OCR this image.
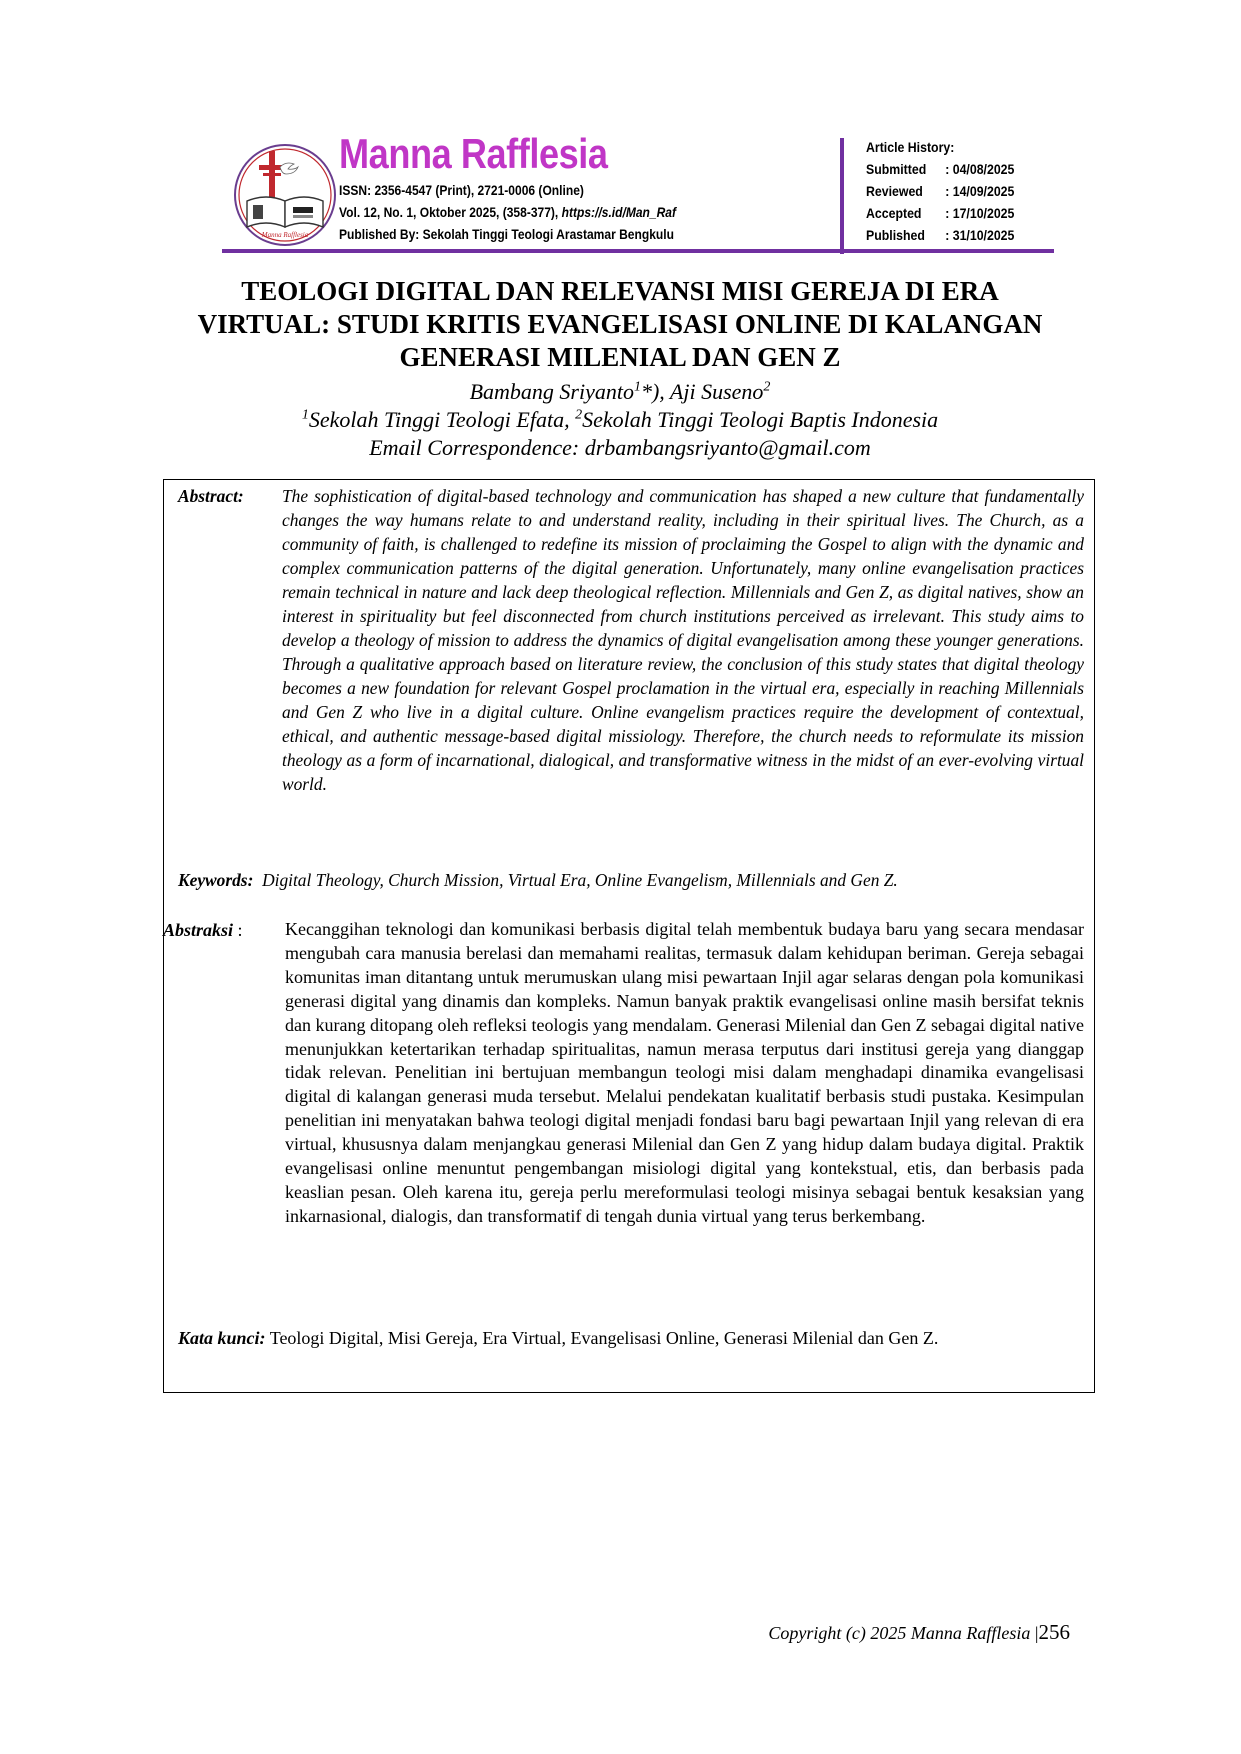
Manna Rafflesia
Manna Rafflesia

ISSN: 2356-4547 (Print), 2721-0006 (Online)

Vol. 12, No. 1, Oktober 2025, (358-377), https://s.id/Man_Raf

Published By: Sekolah Tinggi Teologi Arastamar Bengkulu

Article History:

Submitted : 04/08/2025

Reviewed : 14/09/2025

Accepted : 17/10/2025

Published : 31/10/2025

TEOLOGI DIGITAL DAN RELEVANSI MISI GEREJA DI ERA VIRTUAL: STUDI KRITIS EVANGELISASI ONLINE DI KALANGAN GENERASI MILENIAL DAN GEN Z

Bambang Sriyanto$^1$*), Aji Suseno$^2$

$^1$Sekolah Tinggi Teologi Efata, $^2$Sekolah Tinggi Teologi Baptis Indonesia

Email Correspondence: drbambangsriyanto@gmail.com

Abstract: The sophistication of digital-based technology and communication has shaped a new culture that fundamentally changes the way humans relate to and understand reality, including in their spiritual lives. The Church, as a community of faith, is challenged to redefine its mission of proclaiming the Gospel to align with the dynamic and complex communication patterns of the digital generation. Unfortunately, many online evangelisation practices remain technical in nature and lack deep theological reflection. Millennials and Gen Z, as digital natives, show an interest in spirituality but feel disconnected from church institutions perceived as irrelevant. This study aims to develop a theology of mission to address the dynamics of digital evangelisation among these younger generations. Through a qualitative approach based on literature review, the conclusion of this study states that digital theology becomes a new foundation for relevant Gospel proclamation in the virtual era, especially in reaching Millennials and Gen Z who live in a digital culture. Online evangelism practices require the development of contextual, ethical, and authentic message-based digital missiology. Therefore, the church needs to reformulate its mission theology as a form of incarnational, dialogical, and transformative witness in the midst of an ever-evolving virtual world.

Keywords: Digital Theology, Church Mission, Virtual Era, Online Evangelism, Millennials and Gen Z.

Abstraksi : Kecanggihan teknologi dan komunikasi berbasis digital telah membentuk budaya baru yang secara mendasar mengubah cara manusia berelasi dan memahami realitas, termasuk dalam kehidupan beriman. Gereja sebagai komunitas iman ditantang untuk merumuskan ulang misi pewartaan Injil agar selaras dengan pola komunikasi generasi digital yang dinamis dan kompleks. Namun banyak praktik evangelisasi online masih bersifat teknis dan kurang ditopang oleh refleksi teologis yang mendalam. Generasi Milenial dan Gen Z sebagai digital native menunjukkan ketertarikan terhadap spiritualitas, namun merasa terputus dari institusi gereja yang dianggap tidak relevan. Penelitian ini bertujuan membangun teologi misi dalam menghadapi dinamika evangelisasi digital di kalangan generasi muda tersebut. Melalui pendekatan kualitatif berbasis studi pustaka. Kesimpulan penelitian ini menyatakan bahwa teologi digital menjadi fondasi baru bagi pewartaan Injil yang relevan di era virtual, khususnya dalam menjangkau generasi Milenial dan Gen Z yang hidup dalam budaya digital. Praktik evangelisasi online menuntut pengembangan misiologi digital yang kontekstual, etis, dan berbasis pada keaslian pesan. Oleh karena itu, gereja perlu mereformulasi teologi misinya sebagai bentuk kesaksian yang inkarnasional, dialogis, dan transformatif di tengah dunia virtual yang terus berkembang.

Kata kunci: Teologi Digital, Misi Gereja, Era Virtual, Evangelisasi Online, Generasi Milenial dan Gen Z.

Copyright (c) 2025 Manna Rafflesia |256
